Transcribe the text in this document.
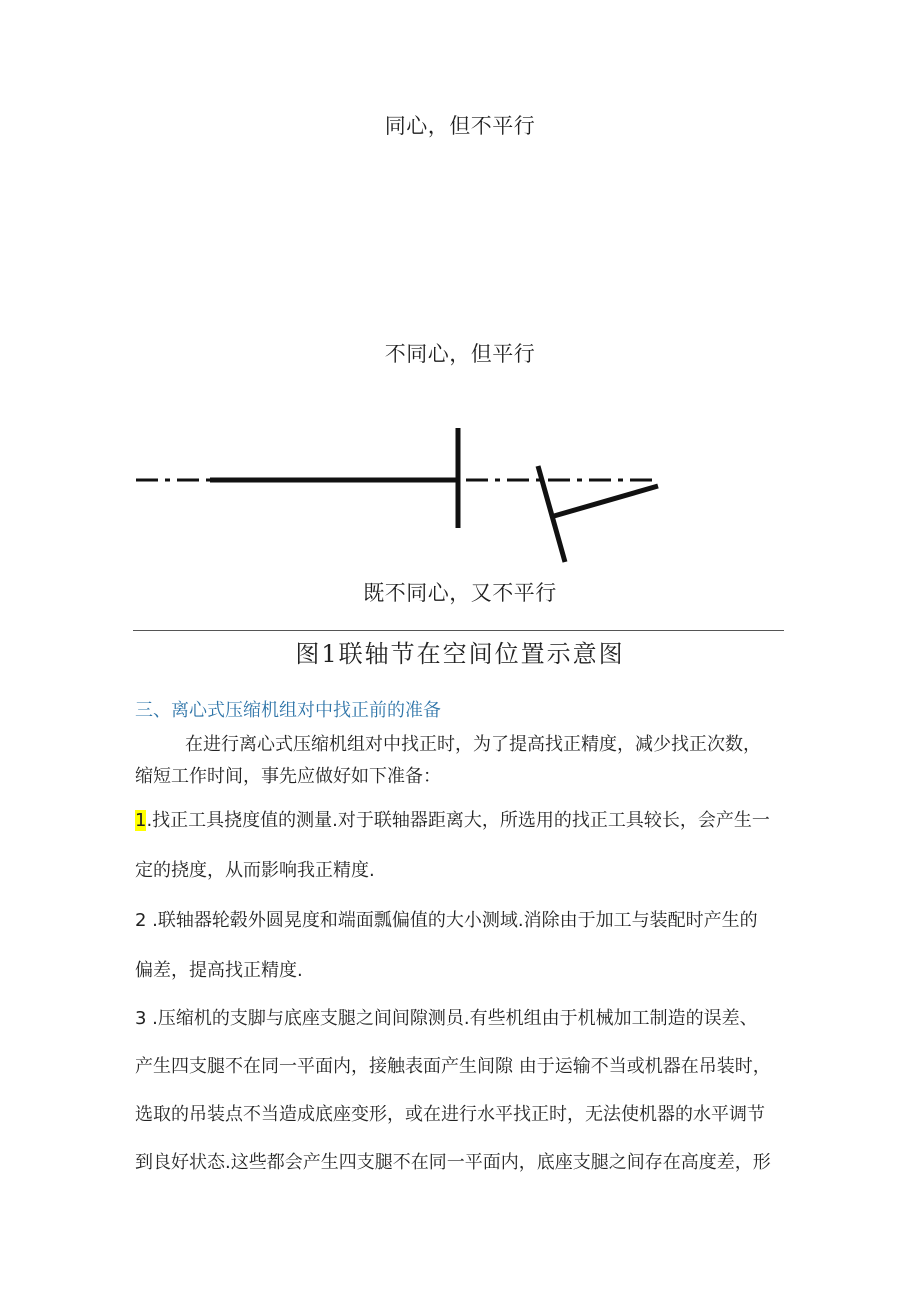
同心，但不平行
不同心，但平行
既不同心，又不平行
图1联轴节在空间位置示意图
三、离心式压缩机组对中找正前的准备
在进行离心式压缩机组对中找正时，为了提高找正精度，减少找正次数，
缩短工作时间，事先应做好如下准备：
1.找正工具挠度值的测量.对于联轴器距离大，所选用的找正工具较长，会产生一
定的挠度，从而影响我正精度.
2 .联轴器轮毂外圆晃度和端面瓢偏值的大小测域.消除由于加工与装配时产生的
偏差，提高找正精度.
3 .压缩机的支脚与底座支腿之间间隙测员.有些机组由于机械加工制造的误差、
产生四支腿不在同一平面内，接触表面产生间隙 由于运输不当或机器在吊装时，
选取的吊装点不当造成底座变形，或在进行水平找正时，无法使机器的水平调节
到良好状态.这些都会产生四支腿不在同一平面内，底座支腿之间存在高度差，形
